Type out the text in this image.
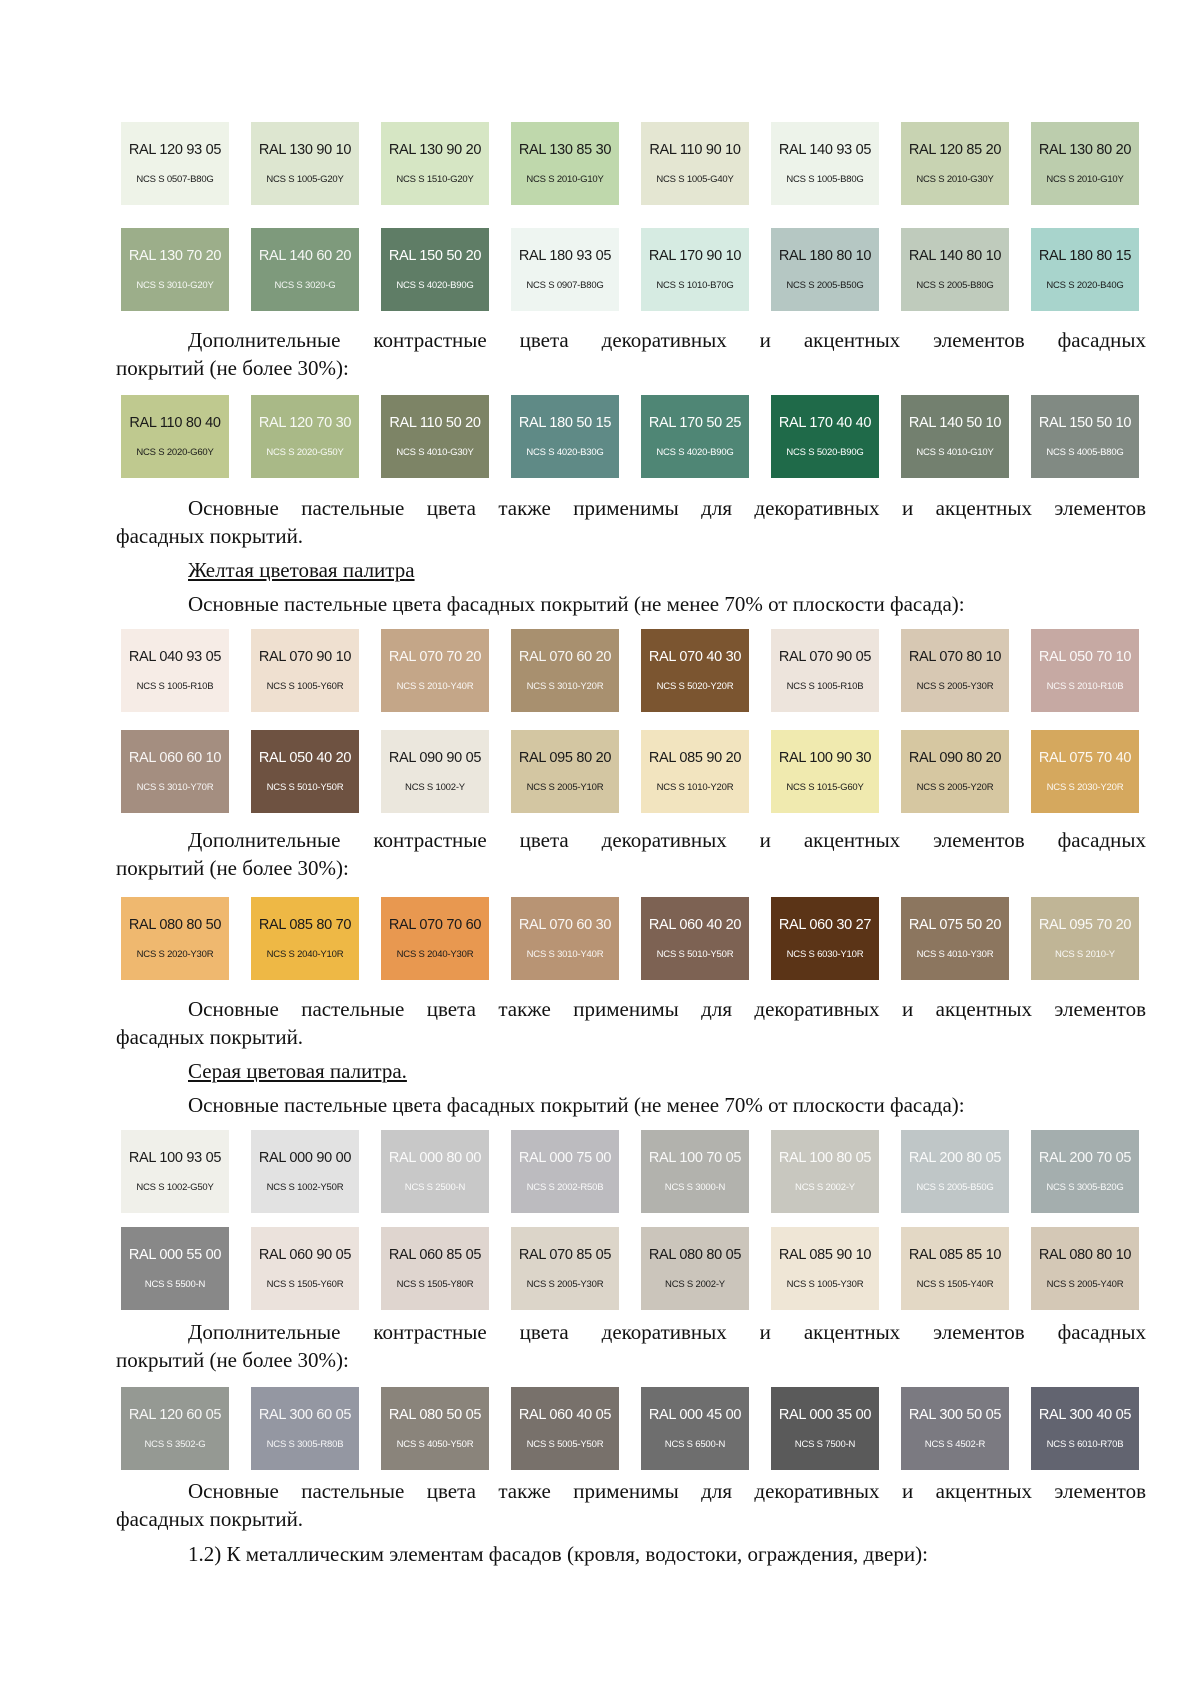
RAL 120 93 05
NCS S 0507-B80G
RAL 130 90 10
NCS S 1005-G20Y
RAL 130 90 20
NCS S 1510-G20Y
RAL 130 85 30
NCS S 2010-G10Y
RAL 110 90 10
NCS S 1005-G40Y
RAL 140 93 05
NCS S 1005-B80G
RAL 120 85 20
NCS S 2010-G30Y
RAL 130 80 20
NCS S 2010-G10Y
RAL 130 70 20
NCS S 3010-G20Y
RAL 140 60 20
NCS S 3020-G
RAL 150 50 20
NCS S 4020-B90G
RAL 180 93 05
NCS S 0907-B80G
RAL 170 90 10
NCS S 1010-B70G
RAL 180 80 10
NCS S 2005-B50G
RAL 140 80 10
NCS S 2005-B80G
RAL 180 80 15
NCS S 2020-B40G
Дополнительные контрастные цвета декоративных и акцентных элементов фасадных
покрытий (не более 30%):
RAL 110 80 40
NCS S 2020-G60Y
RAL 120 70 30
NCS S 2020-G50Y
RAL 110 50 20
NCS S 4010-G30Y
RAL 180 50 15
NCS S 4020-B30G
RAL 170 50 25
NCS S 4020-B90G
RAL 170 40 40
NCS S 5020-B90G
RAL 140 50 10
NCS S 4010-G10Y
RAL 150 50 10
NCS S 4005-B80G
Основные пастельные цвета также применимы для декоративных и акцентных элементов
фасадных покрытий.
Желтая цветовая палитра
Основные пастельные цвета фасадных покрытий (не менее 70% от плоскости фасада):
RAL 040 93 05
NCS S 1005-R10B
RAL 070 90 10
NCS S 1005-Y60R
RAL 070 70 20
NCS S 2010-Y40R
RAL 070 60 20
NCS S 3010-Y20R
RAL 070 40 30
NCS S 5020-Y20R
RAL 070 90 05
NCS S 1005-R10B
RAL 070 80 10
NCS S 2005-Y30R
RAL 050 70 10
NCS S 2010-R10B
RAL 060 60 10
NCS S 3010-Y70R
RAL 050 40 20
NCS S 5010-Y50R
RAL 090 90 05
NCS S 1002-Y
RAL 095 80 20
NCS S 2005-Y10R
RAL 085 90 20
NCS S 1010-Y20R
RAL 100 90 30
NCS S 1015-G60Y
RAL 090 80 20
NCS S 2005-Y20R
RAL 075 70 40
NCS S 2030-Y20R
Дополнительные контрастные цвета декоративных и акцентных элементов фасадных
покрытий (не более 30%):
RAL 080 80 50
NCS S 2020-Y30R
RAL 085 80 70
NCS S 2040-Y10R
RAL 070 70 60
NCS S 2040-Y30R
RAL 070 60 30
NCS S 3010-Y40R
RAL 060 40 20
NCS S 5010-Y50R
RAL 060 30 27
NCS S 6030-Y10R
RAL 075 50 20
NCS S 4010-Y30R
RAL 095 70 20
NCS S 2010-Y
Основные пастельные цвета также применимы для декоративных и акцентных элементов
фасадных покрытий.
Серая цветовая палитра.
Основные пастельные цвета фасадных покрытий (не менее 70% от плоскости фасада):
RAL 100 93 05
NCS S 1002-G50Y
RAL 000 90 00
NCS S 1002-Y50R
RAL 000 80 00
NCS S 2500-N
RAL 000 75 00
NCS S 2002-R50B
RAL 100 70 05
NCS S 3000-N
RAL 100 80 05
NCS S 2002-Y
RAL 200 80 05
NCS S 2005-B50G
RAL 200 70 05
NCS S 3005-B20G
RAL 000 55 00
NCS S 5500-N
RAL 060 90 05
NCS S 1505-Y60R
RAL 060 85 05
NCS S 1505-Y80R
RAL 070 85 05
NCS S 2005-Y30R
RAL 080 80 05
NCS S 2002-Y
RAL 085 90 10
NCS S 1005-Y30R
RAL 085 85 10
NCS S 1505-Y40R
RAL 080 80 10
NCS S 2005-Y40R
Дополнительные контрастные цвета декоративных и акцентных элементов фасадных
покрытий (не более 30%):
RAL 120 60 05
NCS S 3502-G
RAL 300 60 05
NCS S 3005-R80B
RAL 080 50 05
NCS S 4050-Y50R
RAL 060 40 05
NCS S 5005-Y50R
RAL 000 45 00
NCS S 6500-N
RAL 000 35 00
NCS S 7500-N
RAL 300 50 05
NCS S 4502-R
RAL 300 40 05
NCS S 6010-R70B
Основные пастельные цвета также применимы для декоративных и акцентных элементов
фасадных покрытий.
1.2) К металлическим элементам фасадов (кровля, водостоки, ограждения, двери):
